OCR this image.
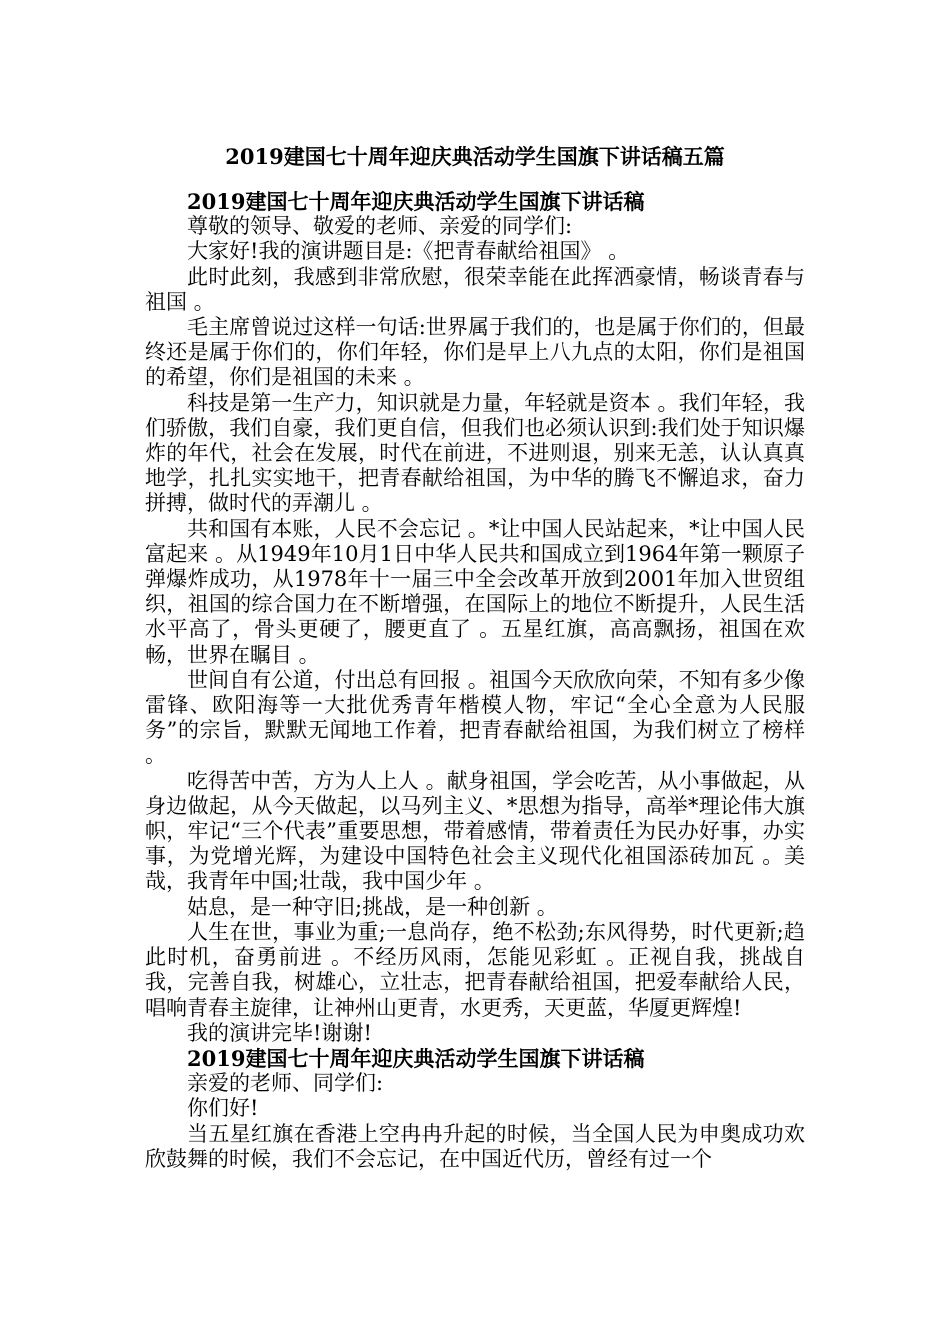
2019建国七十周年迎庆典活动学生国旗下讲话稿五篇
2019建国七十周年迎庆典活动学生国旗下讲话稿

尊敬的领导、敬爱的老师、亲爱的同学们:

大家好!我的演讲题目是:《把青春献给祖国》 。

此时此刻，我感到非常欣慰，很荣幸能在此挥洒豪情，畅谈青春与祖国 。

毛主席曾说过这样一句话:世界属于我们的，也是属于你们的，但最终还是属于你们的，你们年轻，你们是早上八九点的太阳，你们是祖国的希望，你们是祖国的未来 。

科技是第一生产力，知识就是力量，年轻就是资本 。我们年轻，我们骄傲，我们自豪，我们更自信，但我们也必须认识到:我们处于知识爆炸的年代，社会在发展，时代在前进，不进则退，别来无恙，认认真真地学，扎扎实实地干，把青春献给祖国，为中华的腾飞不懈追求，奋力拼搏，做时代的弄潮儿 。

共和国有本账，人民不会忘记 。*让中国人民站起来，*让中国人民富起来 。从1949年10月1日中华人民共和国成立到1964年第一颗原子弹爆炸成功，从1978年十一届三中全会改革开放到2001年加入世贸组织，祖国的综合国力在不断增强，在国际上的地位不断提升，人民生活水平高了，骨头更硬了，腰更直了 。五星红旗，高高飘扬，祖国在欢畅，世界在瞩目 。

世间自有公道，付出总有回报 。祖国今天欣欣向荣，不知有多少像雷锋、欧阳海等一大批优秀青年楷模人物，牢记“全心全意为人民服务”的宗旨，默默无闻地工作着，把青春献给祖国，为我们树立了榜样 。

吃得苦中苦，方为人上人 。献身祖国，学会吃苦，从小事做起，从身边做起，从今天做起，以马列主义、*思想为指导，高举*理论伟大旗帜，牢记“三个代表”重要思想，带着感情，带着责任为民办好事，办实事，为党增光辉，为建设中国特色社会主义现代化祖国添砖加瓦 。美哉，我青年中国;壮哉，我中国少年 。

姑息，是一种守旧;挑战，是一种创新 。

人生在世，事业为重;一息尚存，绝不松劲;东风得势，时代更新;趋此时机，奋勇前进 。不经历风雨，怎能见彩虹 。正视自我，挑战自我，完善自我，树雄心，立壮志，把青春献给祖国，把爱奉献给人民，唱响青春主旋律，让神州山更青，水更秀，天更蓝，华厦更辉煌!

我的演讲完毕!谢谢!

2019建国七十周年迎庆典活动学生国旗下讲话稿

亲爱的老师、同学们:

你们好!

当五星红旗在香港上空冉冉升起的时候，当全国人民为申奥成功欢欣鼓舞的时候，我们不会忘记，在中国近代历，曾经有过一个
